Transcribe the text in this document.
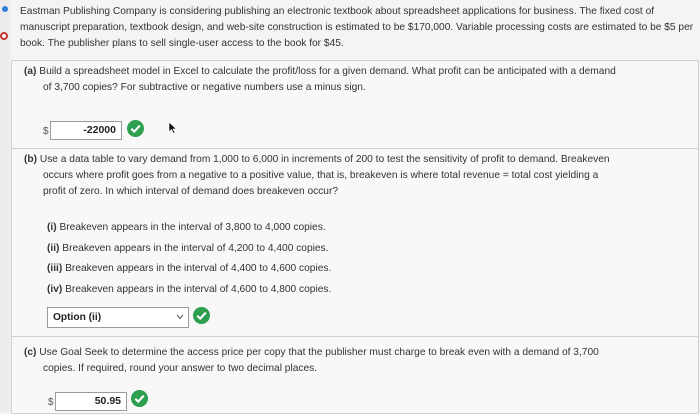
Eastman Publishing Company is considering publishing an electronic textbook about spreadsheet applications for business. The fixed cost of manuscript preparation, textbook design, and web-site construction is estimated to be $170,000. Variable processing costs are estimated to be $5 per book. The publisher plans to sell single-user access to the book for $45.
(a) Build a spreadsheet model in Excel to calculate the profit/loss for a given demand. What profit can be anticipated with a demand
of 3,700 copies? For subtractive or negative numbers use a minus sign.
$	-22000
(b) Use a data table to vary demand from 1,000 to 6,000 in increments of 200 to test the sensitivity of profit to demand. Breakeven
occurs where profit goes from a negative to a positive value, that is, breakeven is where total revenue = total cost yielding a
profit of zero. In which interval of demand does breakeven occur?
(i) Breakeven appears in the interval of 3,800 to 4,000 copies.
(ii) Breakeven appears in the interval of 4,200 to 4,400 copies.
(iii) Breakeven appears in the interval of 4,400 to 4,600 copies.
(iv) Breakeven appears in the interval of 4,600 to 4,800 copies.
Option (ii)
(c) Use Goal Seek to determine the access price per copy that the publisher must charge to break even with a demand of 3,700
copies. If required, round your answer to two decimal places.
$	50.95
